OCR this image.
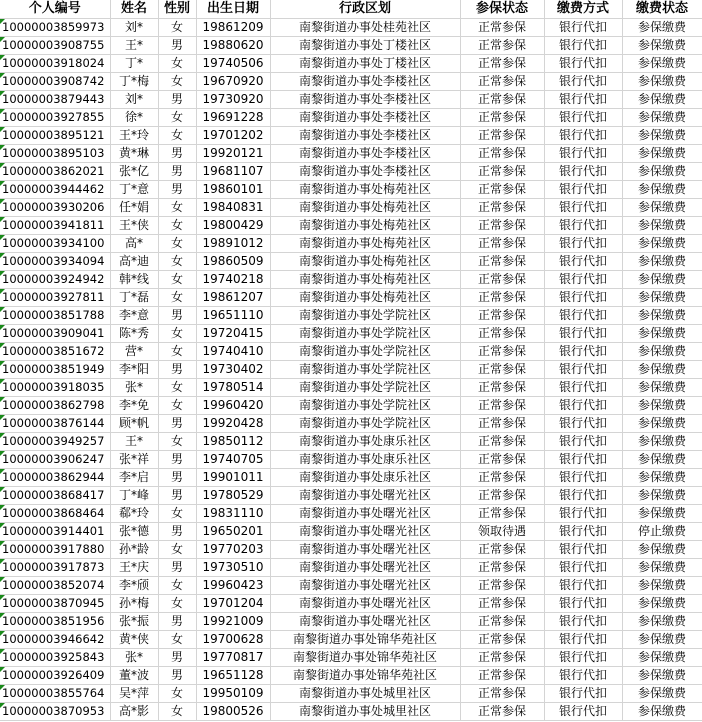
个人编号	姓名	性别	出生日期	行政区划	参保状态	缴费方式	缴费状态
10000003859973	刘*	女	19861209	南黎街道办事处桂苑社区	正常参保	银行代扣	参保缴费
10000003908755	王*	男	19880620	南黎街道办事处丁楼社区	正常参保	银行代扣	参保缴费
10000003918024	丁*	女	19740506	南黎街道办事处丁楼社区	正常参保	银行代扣	参保缴费
10000003908742	丁*梅	女	19670920	南黎街道办事处李楼社区	正常参保	银行代扣	参保缴费
10000003879443	刘*	男	19730920	南黎街道办事处李楼社区	正常参保	银行代扣	参保缴费
10000003927855	徐*	女	19691228	南黎街道办事处李楼社区	正常参保	银行代扣	参保缴费
10000003895121	王*玲	女	19701202	南黎街道办事处李楼社区	正常参保	银行代扣	参保缴费
10000003895103	黄*琳	男	19920121	南黎街道办事处李楼社区	正常参保	银行代扣	参保缴费
10000003862021	张*亿	男	19681107	南黎街道办事处李楼社区	正常参保	银行代扣	参保缴费
10000003944462	丁*意	男	19860101	南黎街道办事处梅苑社区	正常参保	银行代扣	参保缴费
10000003930206	任*娟	女	19840831	南黎街道办事处梅苑社区	正常参保	银行代扣	参保缴费
10000003941811	王*侠	女	19800429	南黎街道办事处梅苑社区	正常参保	银行代扣	参保缴费
10000003934100	高*	女	19891012	南黎街道办事处梅苑社区	正常参保	银行代扣	参保缴费
10000003934094	高*迪	女	19860509	南黎街道办事处梅苑社区	正常参保	银行代扣	参保缴费
10000003924942	韩*线	女	19740218	南黎街道办事处梅苑社区	正常参保	银行代扣	参保缴费
10000003927811	丁*磊	女	19861207	南黎街道办事处梅苑社区	正常参保	银行代扣	参保缴费
10000003851788	李*意	男	19651110	南黎街道办事处学院社区	正常参保	银行代扣	参保缴费
10000003909041	陈*秀	女	19720415	南黎街道办事处学院社区	正常参保	银行代扣	参保缴费
10000003851672	营*	女	19740410	南黎街道办事处学院社区	正常参保	银行代扣	参保缴费
10000003851949	李*阳	男	19730402	南黎街道办事处学院社区	正常参保	银行代扣	参保缴费
10000003918035	张*	女	19780514	南黎街道办事处学院社区	正常参保	银行代扣	参保缴费
10000003862798	李*免	女	19960420	南黎街道办事处学院社区	正常参保	银行代扣	参保缴费
10000003876144	顾*帆	男	19920428	南黎街道办事处学院社区	正常参保	银行代扣	参保缴费
10000003949257	王*	女	19850112	南黎街道办事处康乐社区	正常参保	银行代扣	参保缴费
10000003906247	张*祥	男	19740705	南黎街道办事处康乐社区	正常参保	银行代扣	参保缴费
10000003862944	李*启	男	19901011	南黎街道办事处康乐社区	正常参保	银行代扣	参保缴费
10000003868417	丁*峰	男	19780529	南黎街道办事处曙光社区	正常参保	银行代扣	参保缴费
10000003868464	郗*玲	女	19831110	南黎街道办事处曙光社区	正常参保	银行代扣	参保缴费
10000003914401	张*德	男	19650201	南黎街道办事处曙光社区	领取待遇	银行代扣	停止缴费
10000003917880	孙*龄	女	19770203	南黎街道办事处曙光社区	正常参保	银行代扣	参保缴费
10000003917873	王*庆	男	19730510	南黎街道办事处曙光社区	正常参保	银行代扣	参保缴费
10000003852074	李*颀	女	19960423	南黎街道办事处曙光社区	正常参保	银行代扣	参保缴费
10000003870945	孙*梅	女	19701204	南黎街道办事处曙光社区	正常参保	银行代扣	参保缴费
10000003851956	张*振	男	19921009	南黎街道办事处曙光社区	正常参保	银行代扣	参保缴费
10000003946642	黄*侠	女	19700628	南黎街道办事处锦华苑社区	正常参保	银行代扣	参保缴费
10000003925843	张*	男	19770817	南黎街道办事处锦华苑社区	正常参保	银行代扣	参保缴费
10000003926409	董*波	男	19651128	南黎街道办事处锦华苑社区	正常参保	银行代扣	参保缴费
10000003855764	吴*萍	女	19950109	南黎街道办事处城里社区	正常参保	银行代扣	参保缴费
10000003870953	高*影	女	19800526	南黎街道办事处城里社区	正常参保	银行代扣	参保缴费
